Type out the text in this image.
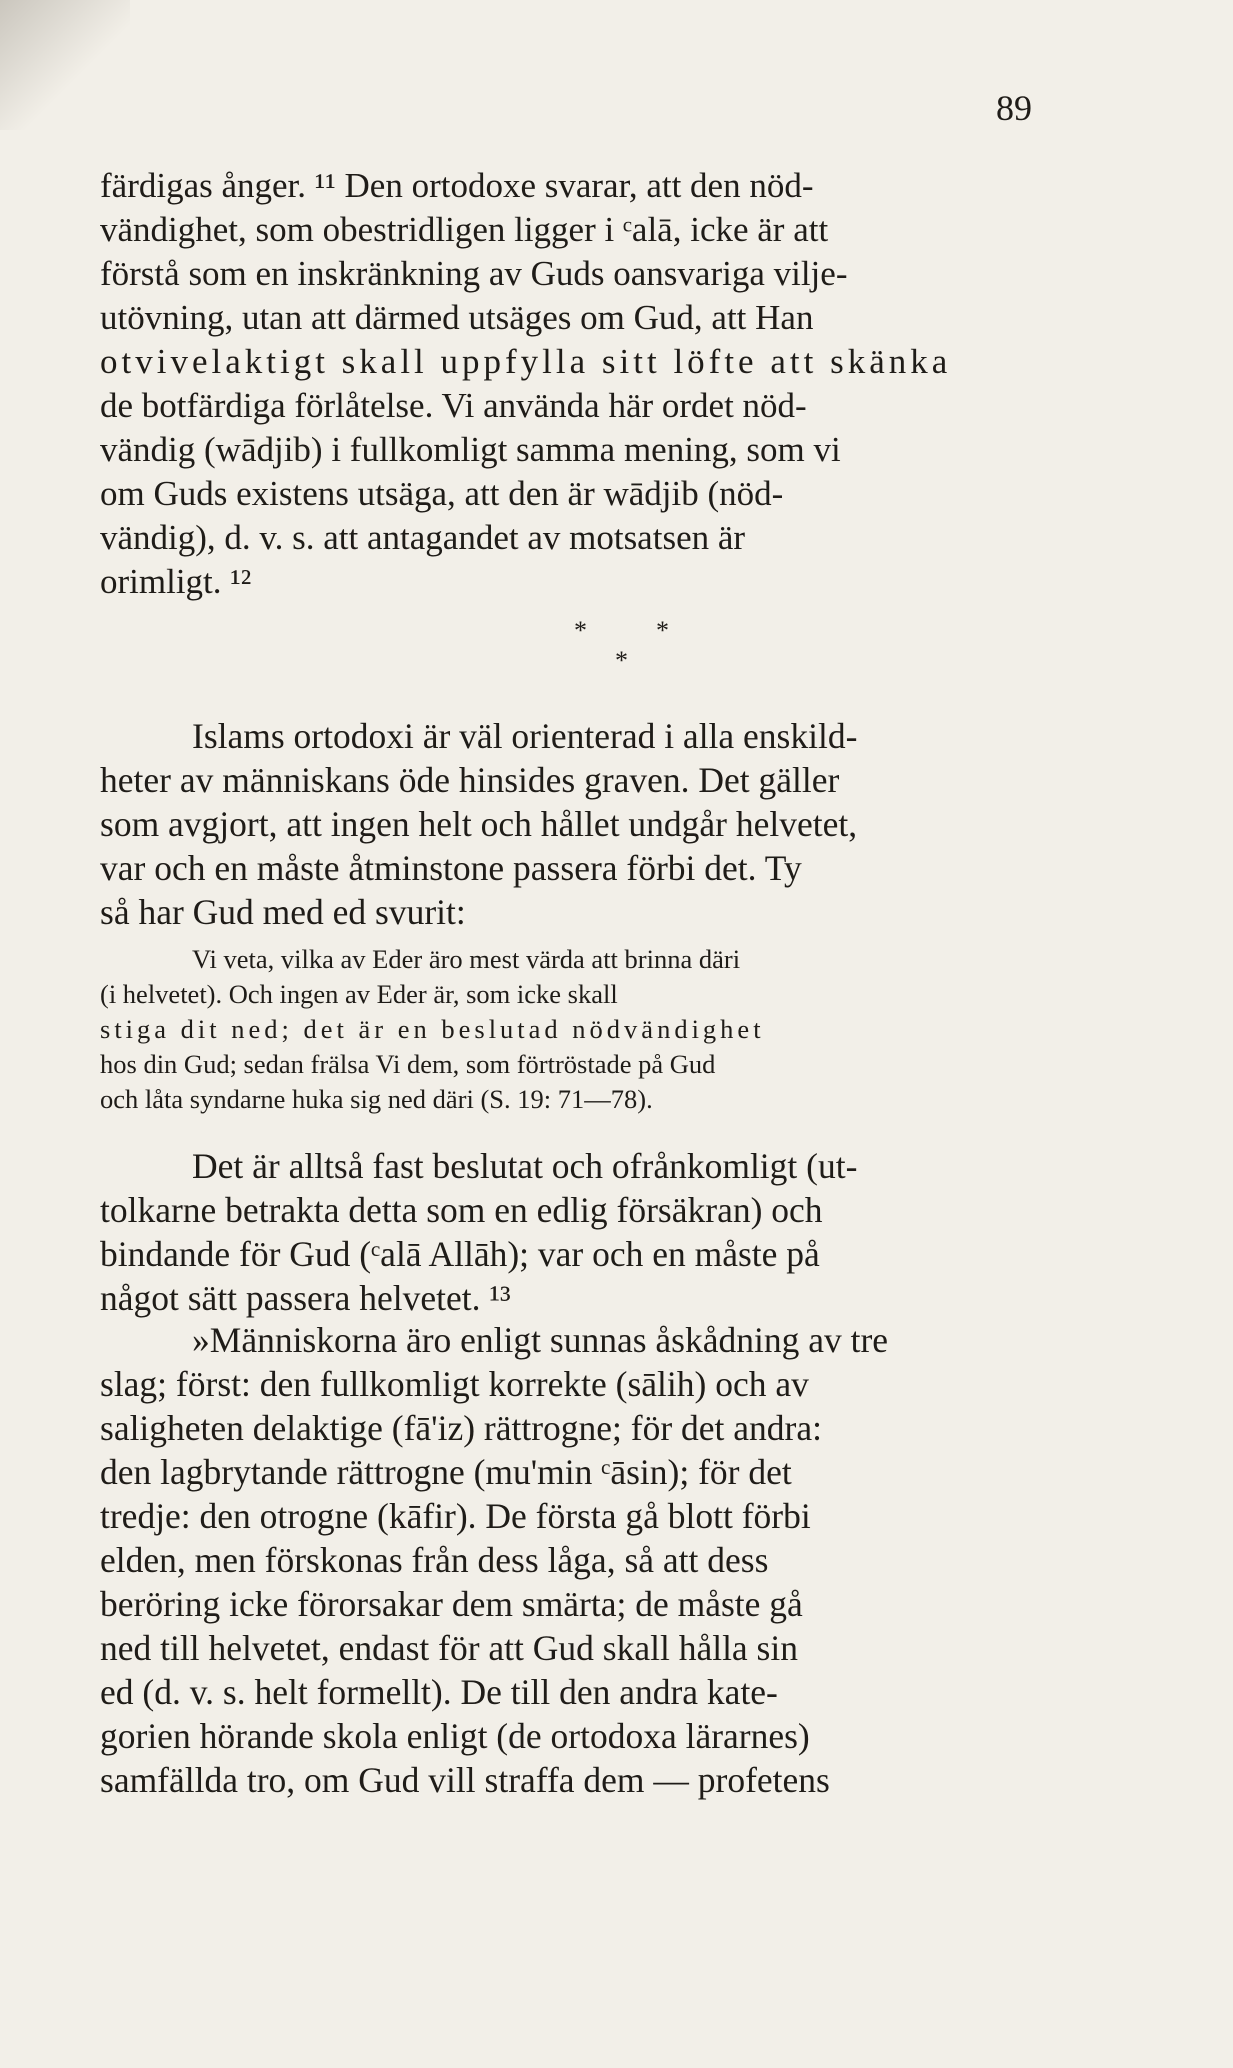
89

färdigas ånger. ¹¹ Den ortodoxe svarar, att den nöd-
vändighet, som obestridligen ligger i ᶜalā, icke är att
förstå som en inskränkning av Guds oansvariga vilje-
utövning, utan att därmed utsäges om Gud, att Han
otvivelaktigt skall uppfylla sitt löfte att skänka
de botfärdiga förlåtelse. Vi använda här ordet nöd-
vändig (wādjib) i fullkomligt samma mening, som vi
om Guds existens utsäga, att den är wādjib (nöd-
vändig), d. v. s. att antagandet av motsatsen är
orimligt. ¹²

*	*
*

Islams ortodoxi är väl orienterad i alla enskild-
heter av människans öde hinsides graven. Det gäller
som avgjort, att ingen helt och hållet undgår helvetet,
var och en måste åtminstone passera förbi det. Ty
så har Gud med ed svurit:

Vi veta, vilka av Eder äro mest värda att brinna däri
(i helvetet). Och ingen av Eder är, som icke skall
stiga dit ned; det är en beslutad nödvändighet
hos din Gud; sedan frälsa Vi dem, som förtröstade på Gud
och låta syndarne huka sig ned däri (S. 19: 71—78).

Det är alltså fast beslutat och ofrånkomligt (ut-
tolkarne betrakta detta som en edlig försäkran) och
bindande för Gud (ᶜalā Allāh); var och en måste på
något sätt passera helvetet. ¹³

»Människorna äro enligt sunnas åskådning av tre
slag; först: den fullkomligt korrekte (sālih) och av
saligheten delaktige (fā'iz) rättrogne; för det andra:
den lagbrytande rättrogne (mu'min ᶜāsin); för det
tredje: den otrogne (kāfir). De första gå blott förbi
elden, men förskonas från dess låga, så att dess
beröring icke förorsakar dem smärta; de måste gå
ned till helvetet, endast för att Gud skall hålla sin
ed (d. v. s. helt formellt). De till den andra kate-
gorien hörande skola enligt (de ortodoxa lärarnes)
samfällda tro, om Gud vill straffa dem — profetens
